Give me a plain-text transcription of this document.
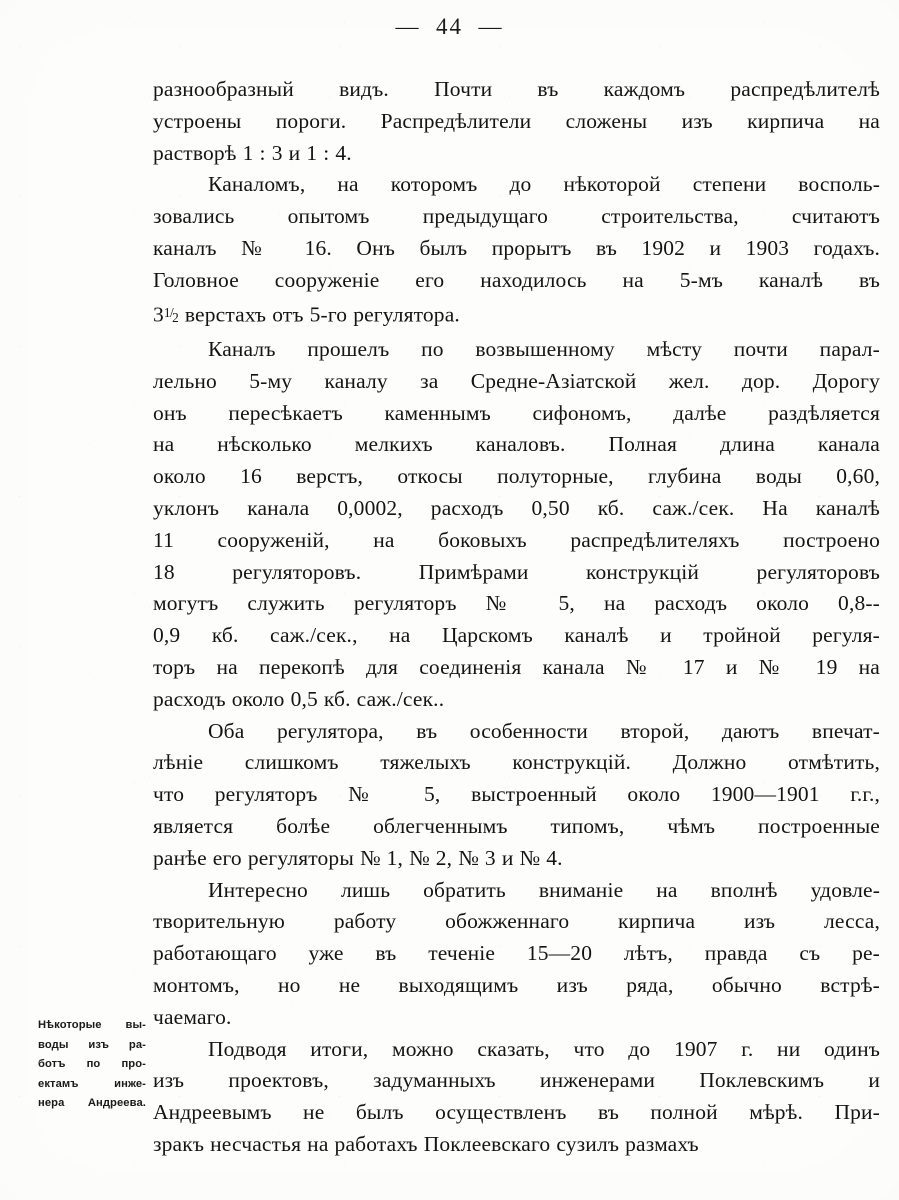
—  44  —

разнообразный видъ. Почти въ каждомъ распредѣлителѣ
устроены пороги. Распредѣлители сложены изъ кирпича на
растворѣ 1 : 3 и 1 : 4.

Каналомъ, на которомъ до нѣкоторой степени восполь-
зовались опытомъ предыдущаго строительства, считаютъ
каналъ № 16. Онъ былъ прорытъ въ 1902 и 1903 годахъ.
Головное сооруженіе его находилось на 5-мъ каналѣ въ
$3^{1/2}$ верстахъ отъ 5-го регулятора.

Каналъ прошелъ по возвышенному мѣсту почти парал-
лельно 5-му каналу за Средне-Азіатской жел. дор. Дорогу
онъ пересѣкаетъ каменнымъ сифономъ, далѣе раздѣляется
на нѣсколько мелкихъ каналовъ. Полная длина канала
около 16 верстъ, откосы полуторные, глубина воды 0,60,
уклонъ канала 0,0002, расходъ 0,50 кб. саж./сек. На каналѣ
11 сооруженій, на боковыхъ распредѣлителяхъ построено
18 регуляторовъ. Примѣрами конструкцій регуляторовъ
могутъ служить регуляторъ № 5, на расходъ около 0,8--
0,9 кб. саж./сек., на Царскомъ каналѣ и тройной регуля-
торъ на перекопѣ для соединенія канала № 17 и № 19 на
расходъ около 0,5 кб. саж./сек..

Оба регулятора, въ особенности второй, даютъ впечат-
лѣніе слишкомъ тяжелыхъ конструкцій. Должно отмѣтить,
что регуляторъ № 5, выстроенный около 1900—1901 г.г.,
является болѣе облегченнымъ типомъ, чѣмъ построенные
ранѣе его регуляторы № 1, № 2, № 3 и № 4.

Интересно лишь обратить вниманіе на вполнѣ удовле-
творительную работу обожженнаго кирпича изъ лесса,
работающаго уже въ теченіе 15—20 лѣтъ, правда съ ре-
монтомъ, но не выходящимъ изъ ряда, обычно встрѣ-
чаемаго.

Подводя итоги, можно сказать, что до 1907 г. ни одинъ
изъ проектовъ, задуманныхъ инженерами Поклевскимъ и
Андреевымъ не былъ осуществленъ въ полной мѣрѣ. При-
зракъ несчастья на работахъ Поклеевскаго сузилъ размахъ

Нѣкоторые вы-
воды изъ ра-
ботъ по про-
ектамъ инже-
нера Андреева.
